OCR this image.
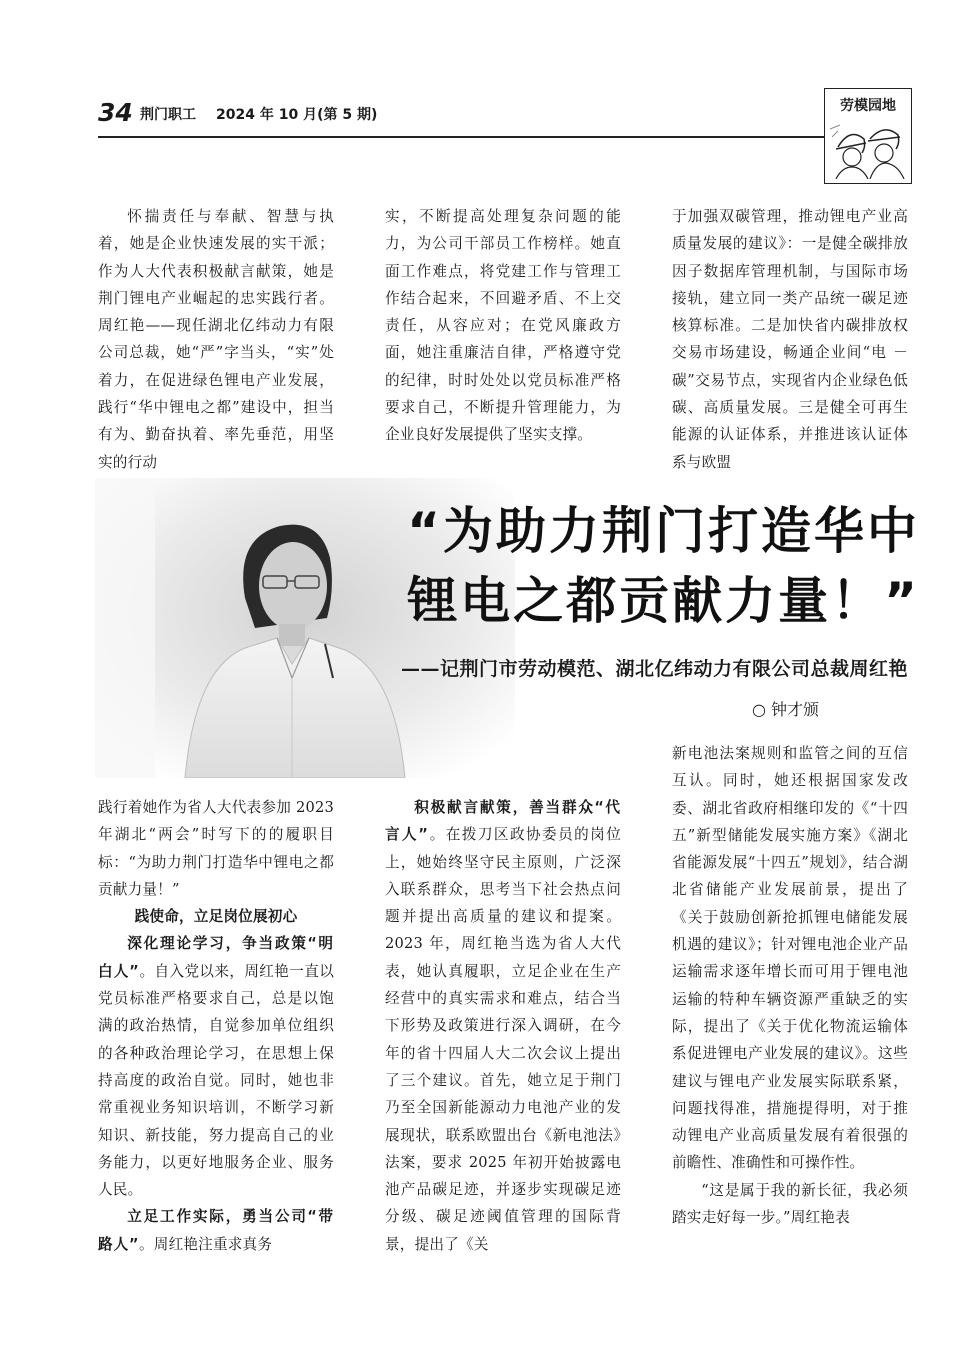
34 荆门职工 2024 年 10 月(第 5 期)
劳模园地

怀揣责任与奉献、智慧与执着，她是企业快速发展的实干派；作为人大代表积极献言献策，她是荆门锂电产业崛起的忠实践行者。周红艳——现任湖北亿纬动力有限公司总裁，她“严”字当头，“实”处着力，在促进绿色锂电产业发展，践行“华中锂电之都”建设中，担当有为、勤奋执着、率先垂范，用坚实的行动

实，不断提高处理复杂问题的能力，为公司干部员工作榜样。她直面工作难点，将党建工作与管理工作结合起来，不回避矛盾、不上交责任，从容应对；在党风廉政方面，她注重廉洁自律，严格遵守党的纪律，时时处处以党员标准严格要求自己，不断提升管理能力，为企业良好发展提供了坚实支撑。

于加强双碳管理，推动锂电产业高质量发展的建议》：一是健全碳排放因子数据库管理机制，与国际市场接轨，建立同一类产品统一碳足迹核算标准。二是加快省内碳排放权交易市场建设，畅通企业间“电 － 碳”交易节点，实现省内企业绿色低碳、高质量发展。三是健全可再生能源的认证体系，并推进该认证体系与欧盟

“为助力荆门打造华中
锂电之都贡献力量！”
——记荆门市劳动模范、湖北亿纬动力有限公司总裁周红艳
○ 钟才颁

践行着她作为省人大代表参加 2023 年湖北“两会”时写下的的履职目标：“为助力荆门打造华中锂电之都贡献力量！”

践使命，立足岗位展初心

深化理论学习，争当政策“明白人”。自入党以来，周红艳一直以党员标准严格要求自己，总是以饱满的政治热情，自觉参加单位组织的各种政治理论学习，在思想上保持高度的政治自觉。同时，她也非常重视业务知识培训，不断学习新知识、新技能，努力提高自己的业务能力，以更好地服务企业、服务人民。

立足工作实际，勇当公司“带路人”。周红艳注重求真务

积极献言献策，善当群众“代言人”。在拨刀区政协委员的岗位上，她始终坚守民主原则，广泛深入联系群众，思考当下社会热点问题并提出高质量的建议和提案。2023 年，周红艳当选为省人大代表，她认真履职，立足企业在生产经营中的真实需求和难点，结合当下形势及政策进行深入调研，在今年的省十四届人大二次会议上提出了三个建议。首先，她立足于荆门乃至全国新能源动力电池产业的发展现状，联系欧盟出台《新电池法》法案，要求 2025 年初开始披露电池产品碳足迹，并逐步实现碳足迹分级、碳足迹阈值管理的国际背景，提出了《关

新电池法案规则和监管之间的互信互认。同时，她还根据国家发改委、湖北省政府相继印发的《“十四五”新型储能发展实施方案》《湖北省能源发展“十四五”规划》，结合湖北省储能产业发展前景，提出了《关于鼓励创新抢抓锂电储能发展机遇的建议》；针对锂电池企业产品运输需求逐年增长而可用于锂电池运输的特种车辆资源严重缺乏的实际，提出了《关于优化物流运输体系促进锂电产业发展的建议》。这些建议与锂电产业发展实际联系紧，问题找得准，措施提得明，对于推动锂电产业高质量发展有着很强的前瞻性、准确性和可操作性。

“这是属于我的新长征，我必须踏实走好每一步。”周红艳表
